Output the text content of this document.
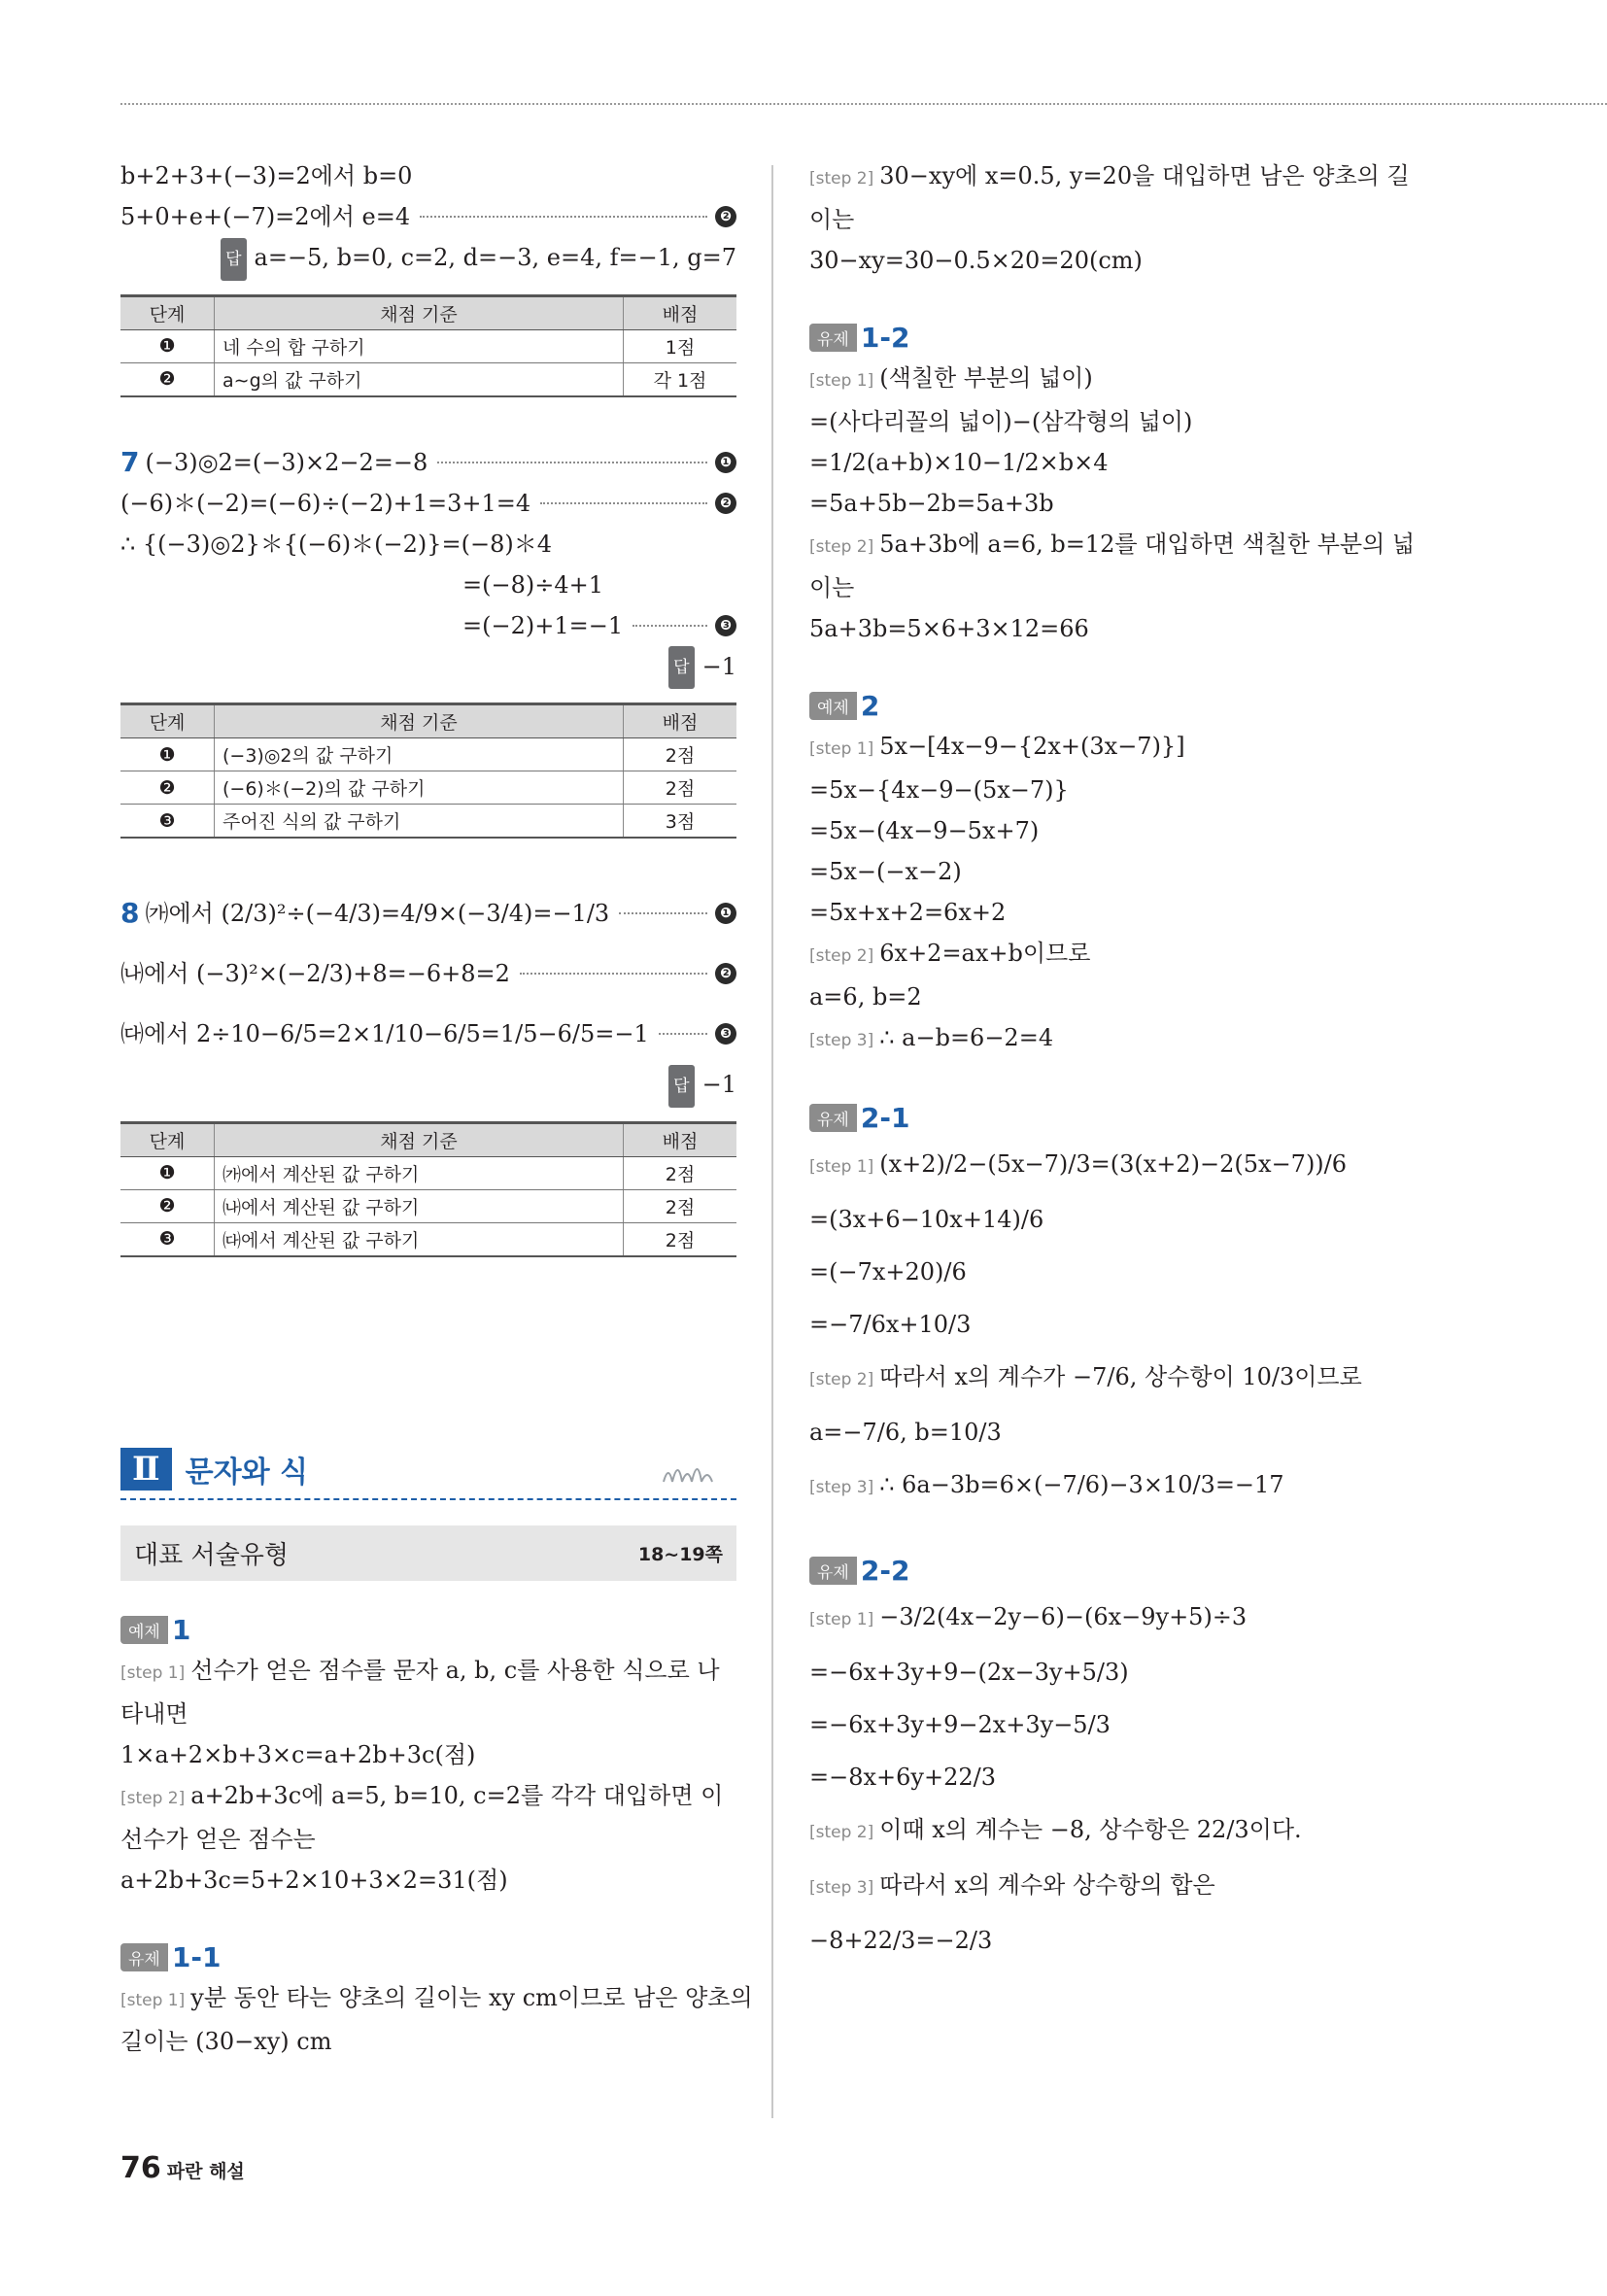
b+2+3+(−3)=2에서 b=0
5+0+e+(−7)=2에서 e=4	❷
답 a=−5, b=0, c=2, d=−3, e=4, f=−1, g=7
단계	채점 기준	배점
❶	네 수의 합 구하기	1점
❷	a∼g의 값 구하기	각 1점
7 (−3)◎2=(−3)×2−2=−8	❶
(−6)＊(−2)=(−6)÷(−2)+1=3+1=4	❷
∴ {(−3)◎2}＊{(−6)＊(−2)}=(−8)＊4
=(−8)÷4+1
=(−2)+1=−1	❸
답 −1
단계	채점 기준	배점
❶	(−3)◎2의 값 구하기	2점
❷	(−6)＊(−2)의 값 구하기	2점
❸	주어진 식의 값 구하기	3점
8 ㈎에서 (2/3)²÷(−4/3)=4/9×(−3/4)=−1/3	❶
㈏에서 (−3)²×(−2/3)+8=−6+8=2	❷
㈐에서 2÷10−6/5=2×1/10−6/5=1/5−6/5=−1	❸
답 −1
단계	채점 기준	배점
❶	㈎에서 계산된 값 구하기	2점
❷	㈏에서 계산된 값 구하기	2점
❸	㈐에서 계산된 값 구하기	2점
Ⅱ 문자와 식
대표 서술유형	18~19쪽
예제 1
[step 1] 선수가 얻은 점수를 문자 a, b, c를 사용한 식으로 나
타내면
1×a+2×b+3×c=a+2b+3c(점)
[step 2] a+2b+3c에 a=5, b=10, c=2를 각각 대입하면 이
선수가 얻은 점수는
a+2b+3c=5+2×10+3×2=31(점)
유제 1-1
[step 1] y분 동안 타는 양초의 길이는 xy cm이므로 남은 양초의
길이는 (30−xy) cm
[step 2] 30−xy에 x=0.5, y=20을 대입하면 남은 양초의 길
이는
30−xy=30−0.5×20=20(cm)
유제 1-2
[step 1] (색칠한 부분의 넓이)
=(사다리꼴의 넓이)−(삼각형의 넓이)
=1/2(a+b)×10−1/2×b×4
=5a+5b−2b=5a+3b
[step 2] 5a+3b에 a=6, b=12를 대입하면 색칠한 부분의 넓
이는
5a+3b=5×6+3×12=66
예제 2
[step 1] 5x−[4x−9−{2x+(3x−7)}]
=5x−{4x−9−(5x−7)}
=5x−(4x−9−5x+7)
=5x−(−x−2)
=5x+x+2=6x+2
[step 2] 6x+2=ax+b이므로
a=6, b=2
[step 3] ∴ a−b=6−2=4
유제 2-1
[step 1] (x+2)/2−(5x−7)/3=(3(x+2)−2(5x−7))/6
=(3x+6−10x+14)/6
=(−7x+20)/6
=−7/6x+10/3
[step 2] 따라서 x의 계수가 −7/6, 상수항이 10/3이므로
a=−7/6, b=10/3
[step 3] ∴ 6a−3b=6×(−7/6)−3×10/3=−17
유제 2-2
[step 1] −3/2(4x−2y−6)−(6x−9y+5)÷3
=−6x+3y+9−(2x−3y+5/3)
=−6x+3y+9−2x+3y−5/3
=−8x+6y+22/3
[step 2] 이때 x의 계수는 −8, 상수항은 22/3이다.
[step 3] 따라서 x의 계수와 상수항의 합은
−8+22/3=−2/3
76 파란 해설
